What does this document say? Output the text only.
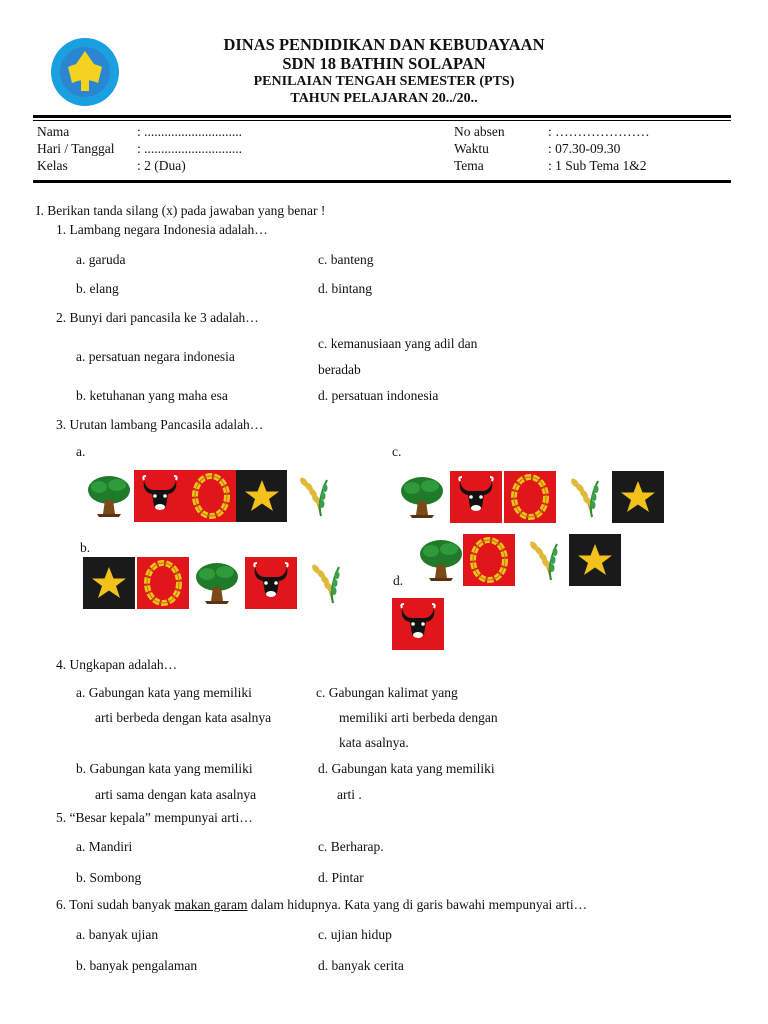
DINAS PENDIDIKAN DAN KEBUDAYAAN
SDN 18 BATHIN SOLAPAN
PENILAIAN TENGAH SEMESTER (PTS)
TAHUN PELAJARAN 20../20..
Nama	: .............................
Hari / Tanggal : .............................
Kelas	: 2 (Dua)
No absen	: …………………
Waktu	: 07.30-09.30
Tema	: 1 Sub Tema 1&2
I. Berikan tanda silang (x) pada jawaban yang benar !
1. Lambang negara Indonesia adalah…
a. garuda
b. elang
c. banteng
d. bintang
2. Bunyi dari pancasila ke 3 adalah…
a. persatuan negara indonesia
c. kemanusiaan yang adil dan
beradab
b. ketuhanan yang maha esa	d. persatuan indonesia
3. Urutan lambang Pancasila adalah…
a.	c.
b.
d.
4. Ungkapan adalah…
a. Gabungan kata yang memiliki
arti berbeda dengan kata asalnya
c. Gabungan kalimat yang
memiliki arti berbeda dengan
kata asalnya.
b. Gabungan kata yang memiliki
arti sama dengan kata asalnya
d. Gabungan kata yang memiliki
arti .
5. “Besar kepala” mempunyai arti…
a. Mandiri
b. Sombong
c. Berharap.
d. Pintar
6. Toni sudah banyak makan garam dalam hidupnya. Kata yang di garis bawahi mempunyai arti…
a. banyak ujian
b. banyak pengalaman
c. ujian hidup
d. banyak cerita
